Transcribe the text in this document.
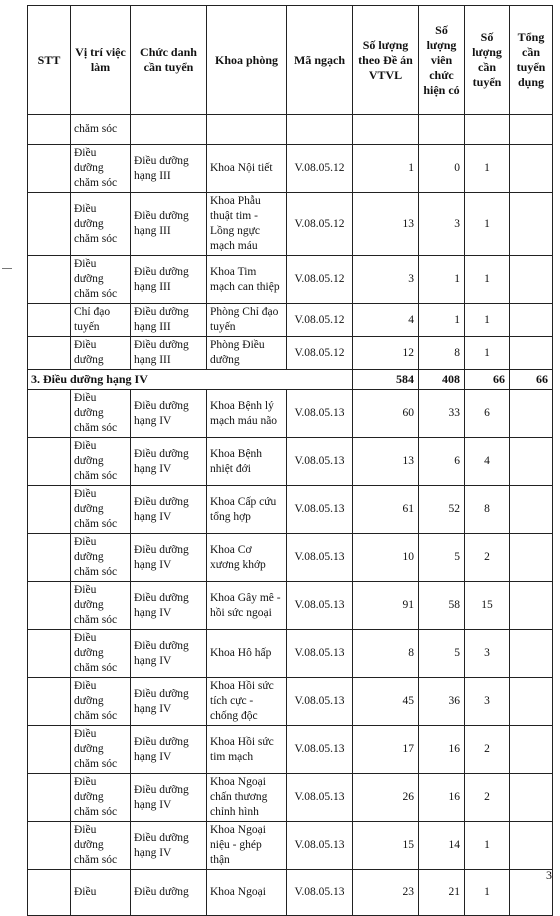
STT	Vị trí việc làm	Chức danh cần tuyển	Khoa phòng	Mã ngạch	Số lượng theo Đề án VTVL	Số lượng viên chức hiện có	Số lượng cần tuyển	Tổng cần tuyển dụng
	chăm sóc							
	Điều dưỡng chăm sóc	Điều dưỡng hạng III	Khoa Nội tiết	V.08.05.12	1	0	1	
	Điều dưỡng chăm sóc	Điều dưỡng hạng III	Khoa Phẫu thuật tim - Lồng ngực mạch máu	V.08.05.12	13	3	1	
	Điều dưỡng chăm sóc	Điều dưỡng hạng III	Khoa Tim mạch can thiệp	V.08.05.12	3	1	1	
	Chỉ đạo tuyến	Điều dưỡng hạng III	Phòng Chỉ đạo tuyến	V.08.05.12	4	1	1	
	Điều dưỡng	Điều dưỡng hạng III	Phòng Điều dưỡng	V.08.05.12	12	8	1	
3. Điều dưỡng hạng IV					584	408	66	66
	Điều dưỡng chăm sóc	Điều dưỡng hạng IV	Khoa Bệnh lý mạch máu não	V.08.05.13	60	33	6	
	Điều dưỡng chăm sóc	Điều dưỡng hạng IV	Khoa Bệnh nhiệt đới	V.08.05.13	13	6	4	
	Điều dưỡng chăm sóc	Điều dưỡng hạng IV	Khoa Cấp cứu tổng hợp	V.08.05.13	61	52	8	
	Điều dưỡng chăm sóc	Điều dưỡng hạng IV	Khoa Cơ xương khớp	V.08.05.13	10	5	2	
	Điều dưỡng chăm sóc	Điều dưỡng hạng IV	Khoa Gây mê - hồi sức ngoại	V.08.05.13	91	58	15	
	Điều dưỡng chăm sóc	Điều dưỡng hạng IV	Khoa Hô hấp	V.08.05.13	8	5	3	
	Điều dưỡng chăm sóc	Điều dưỡng hạng IV	Khoa Hồi sức tích cực - chống độc	V.08.05.13	45	36	3	
	Điều dưỡng chăm sóc	Điều dưỡng hạng IV	Khoa Hồi sức tim mạch	V.08.05.13	17	16	2	
	Điều dưỡng chăm sóc	Điều dưỡng hạng IV	Khoa Ngoại chấn thương chỉnh hình	V.08.05.13	26	16	2	
	Điều dưỡng chăm sóc	Điều dưỡng hạng IV	Khoa Ngoại niệu - ghép thận	V.08.05.13	15	14	1	
	Điều	Điều dưỡng	Khoa Ngoại	V.08.05.13	23	21	1	
3
